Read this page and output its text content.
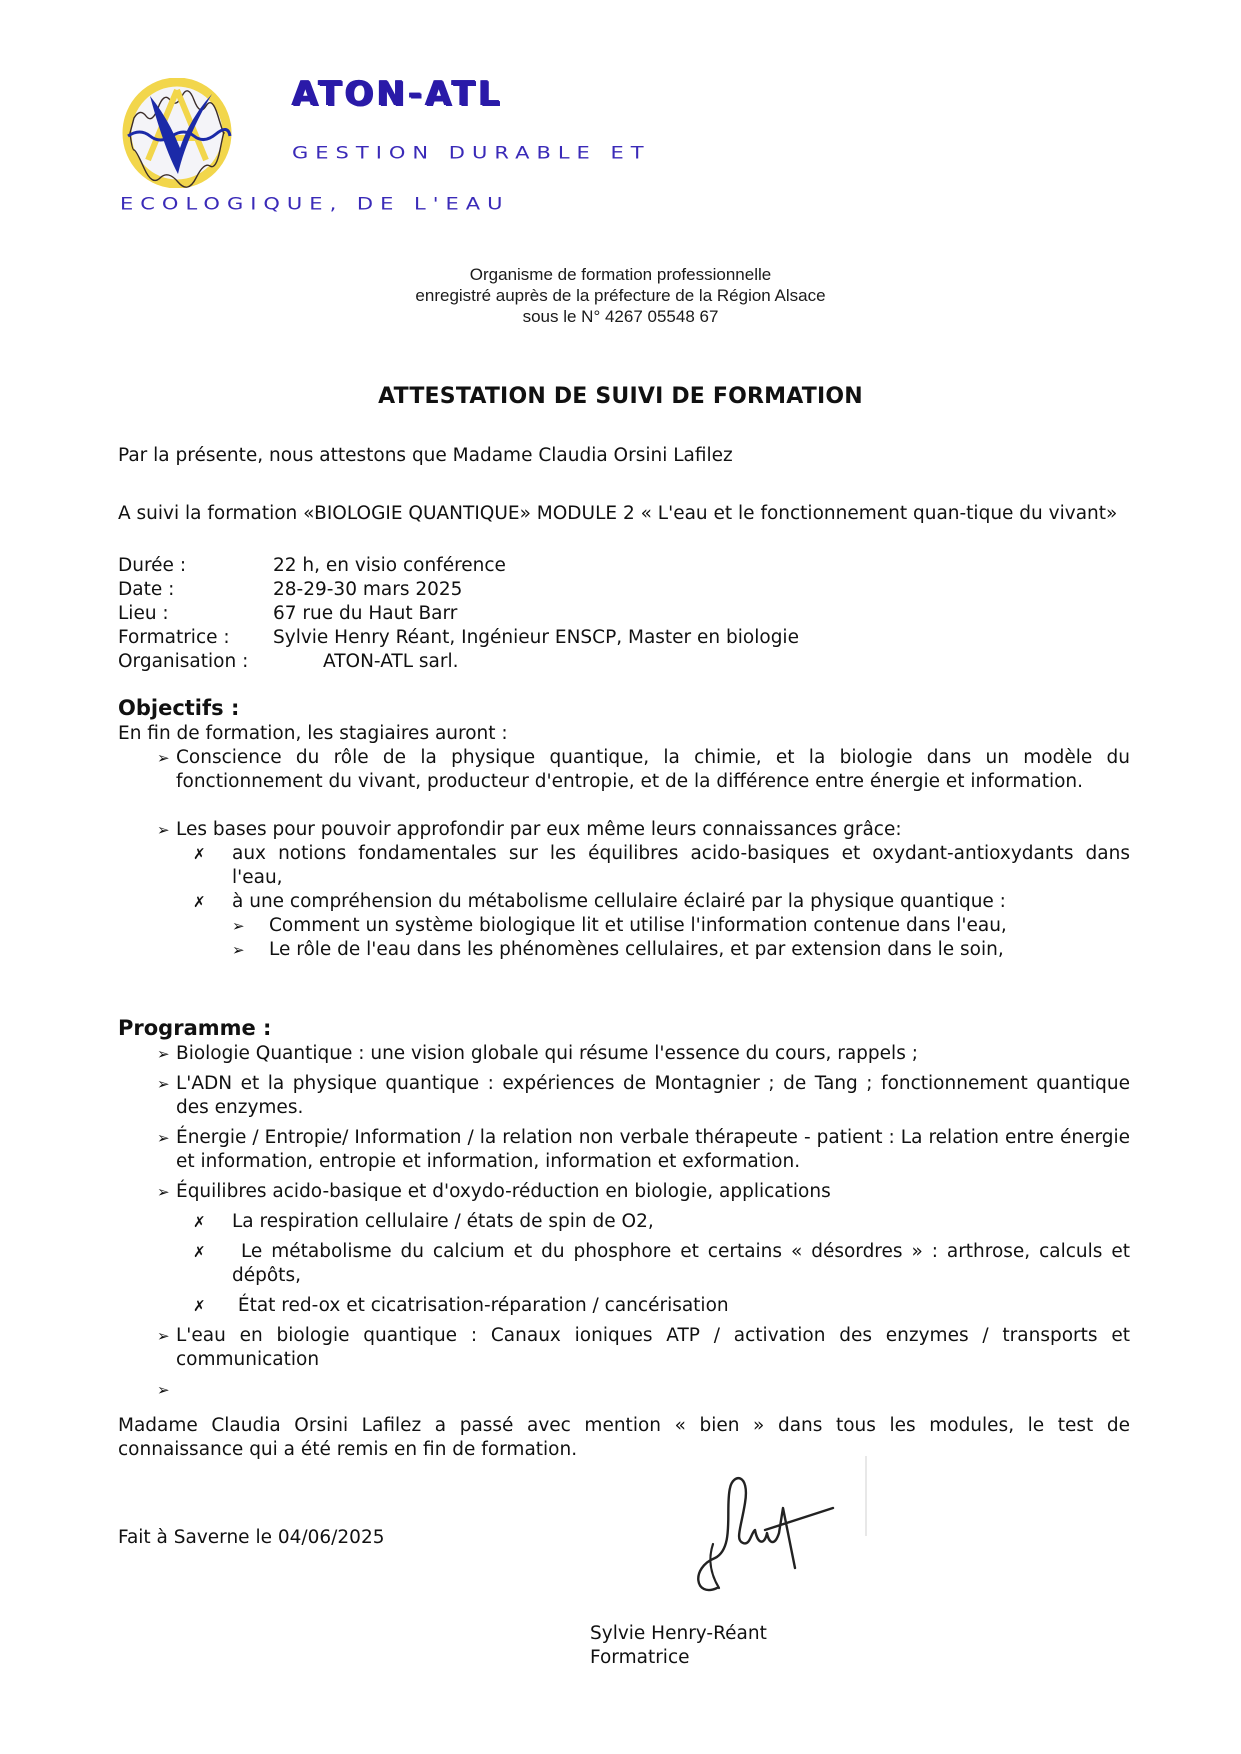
ATON-ATL
GESTION DURABLE ET
ECOLOGIQUE, DE L'EAU
Organisme de formation professionnelle
enregistré auprès de la préfecture de la Région Alsace
sous le N° 4267 05548 67
ATTESTATION DE SUIVI DE FORMATION
Par la présente, nous attestons que Madame Claudia Orsini Lafilez
A suivi la formation «BIOLOGIE QUANTIQUE» MODULE 2 « L'eau et le fonctionnement quan-tique du vivant»
Durée :	22 h, en visio conférence
Date :	28-29-30 mars 2025
Lieu :	67 rue du Haut Barr
Formatrice : Sylvie Henry Réant, Ingénieur ENSCP, Master en biologie
Organisation :	ATON-ATL sarl.
Objectifs :
En fin de formation, les stagiaires auront :
➢ Conscience du rôle de la physique quantique, la chimie, et la biologie dans un modèle du fonctionnement du vivant, producteur d'entropie, et de la différence entre énergie et information.
➢ Les bases pour pouvoir approfondir par eux même leurs connaissances grâce:
✗ aux notions fondamentales sur les équilibres acido-basiques et oxydant-antioxydants dans l'eau,
✗ à une compréhension du métabolisme cellulaire éclairé par la physique quantique :
➢ Comment un système biologique lit et utilise l'information contenue dans l'eau,
➢ Le rôle de l'eau dans les phénomènes cellulaires, et par extension dans le soin,
Programme :
➢ Biologie Quantique : une vision globale qui résume l'essence du cours, rappels ;
➢ L'ADN et la physique quantique : expériences de Montagnier ; de Tang ; fonctionnement quantique des enzymes.
➢ Énergie / Entropie/ Information / la relation non verbale thérapeute - patient : La relation entre énergie et information, entropie et information, information et exformation.
➢ Équilibres acido-basique et d'oxydo-réduction en biologie, applications
✗ La respiration cellulaire / états de spin de O2,
✗ Le métabolisme du calcium et du phosphore et certains « désordres » : arthrose, calculs et dépôts,
✗ État red-ox et cicatrisation-réparation / cancérisation
➢ L'eau en biologie quantique : Canaux ioniques ATP / activation des enzymes / transports et communication
➢
Madame Claudia Orsini Lafilez a passé avec mention « bien » dans tous les modules, le test de connaissance qui a été remis en fin de formation.
Fait à Saverne le 04/06/2025
Sylvie Henry-Réant
Formatrice
